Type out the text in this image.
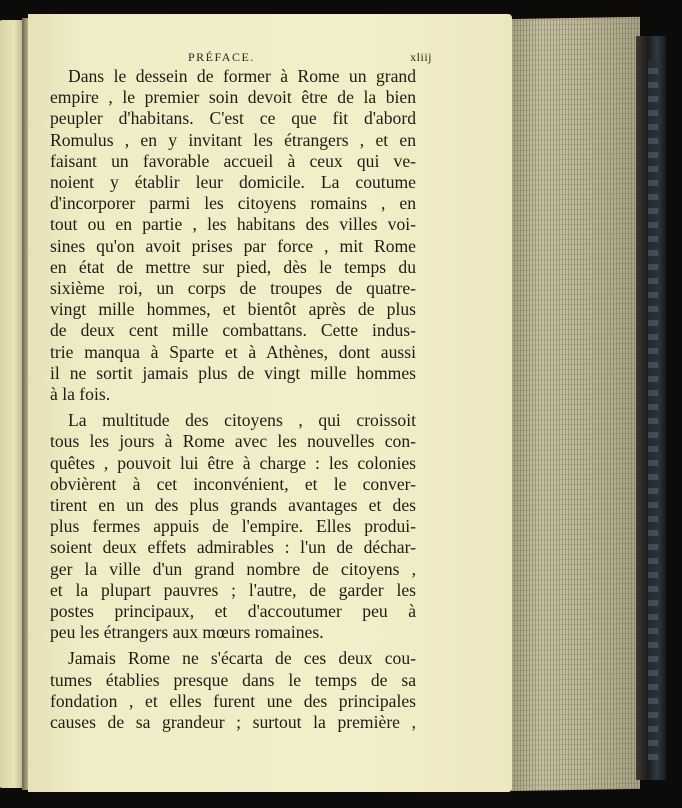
PRÉFACE.	xliij

Dans le dessein de former à Rome un grand
empire , le premier soin devoit être de la bien
peupler d'habitans. C'est ce que fit d'abord
Romulus , en y invitant les étrangers , et en
faisant un favorable accueil à ceux qui ve-
noient y établir leur domicile. La coutume
d'incorporer parmi les citoyens romains , en
tout ou en partie , les habitans des villes voi-
sines qu'on avoit prises par force , mit Rome
en état de mettre sur pied, dès le temps du
sixième roi, un corps de troupes de quatre-
vingt mille hommes, et bientôt après de plus
de deux cent mille combattans. Cette indus-
trie manqua à Sparte et à Athènes, dont aussi
il ne sortit jamais plus de vingt mille hommes
à la fois.

La multitude des citoyens , qui croissoit
tous les jours à Rome avec les nouvelles con-
quêtes , pouvoit lui être à charge : les colonies
obvièrent à cet inconvénient, et le conver-
tirent en un des plus grands avantages et des
plus fermes appuis de l'empire. Elles produi-
soient deux effets admirables : l'un de déchar-
ger la ville d'un grand nombre de citoyens ,
et la plupart pauvres ; l'autre, de garder les
postes principaux, et d'accoutumer peu à
peu les étrangers aux mœurs romaines.

Jamais Rome ne s'écarta de ces deux cou-
tumes établies presque dans le temps de sa
fondation , et elles furent une des principales
causes de sa grandeur ; surtout la première ,
